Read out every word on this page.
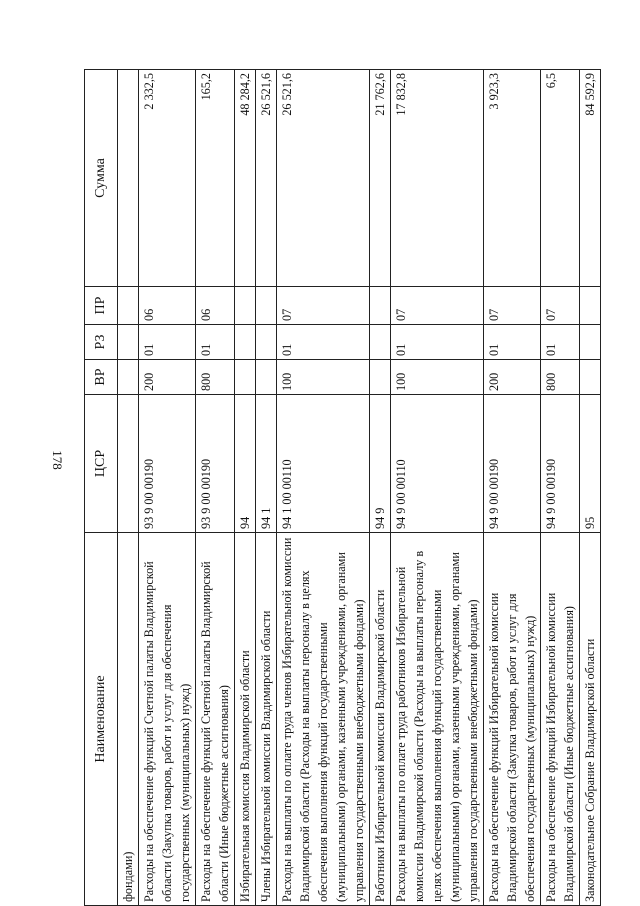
178
Наименование	ЦСР	ВР	РЗ	ПР	Сумма
фондами)					
Расходы на обеспечение функций Счетной палаты Владимирской области (Закупка товаров, работ и услуг для обеспечения государственных (муниципальных) нужд)	93 9 00 00190	200	01	06	2 332,5
Расходы на обеспечение функций Счетной палаты Владимирской области (Иные бюджетные ассигнования)	93 9 00 00190	800	01	06	165,2
Избирательная комиссия Владимирской области	94				48 284,2
Члены Избирательной комиссии Владимирской области	94 1				26 521,6
Расходы на выплаты по оплате труда членов Избирательной комиссии Владимирской области (Расходы на выплаты персоналу в целях обеспечения выполнения функций государственными (муниципальными) органами, казенными учреждениями, органами управления государственными внебюджетными фондами)	94 1 00 00110	100	01	07	26 521,6
Работники Избирательной комиссии Владимирской области	94 9				21 762,6
Расходы на выплаты по оплате труда работников Избирательной комиссии Владимирской области (Расходы на выплаты персоналу в целях обеспечения выполнения функций государственными (муниципальными) органами, казенными учреждениями, органами управления государственными внебюджетными фондами)	94 9 00 00110	100	01	07	17 832,8
Расходы на обеспечение функций Избирательной комиссии Владимирской области (Закупка товаров, работ и услуг для обеспечения государственных (муниципальных) нужд)	94 9 00 00190	200	01	07	3 923,3
Расходы на обеспечение функций Избирательной комиссии Владимирской области (Иные бюджетные ассигнования)	94 9 00 00190	800	01	07	6,5
Законодательное Собрание Владимирской области	95				84 592,9
